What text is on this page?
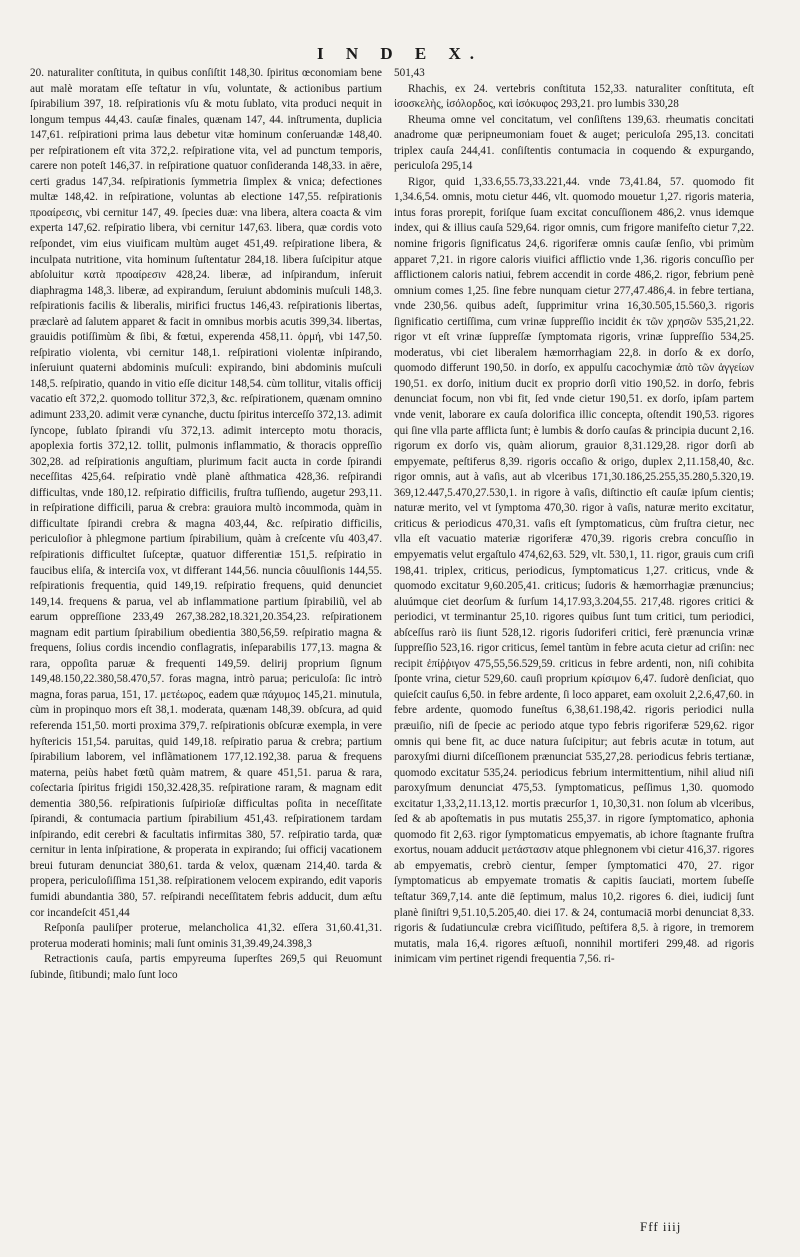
I N D E X.

20. naturaliter conſtituta, in quibus conſiſtit 148,30. ſpiritus œconomiam bene aut malè moratam eſſe teſtatur in vſu, voluntate, & actionibus partium ſpirabilium 397, 18. reſpirationis vſu & motu ſublato, vita produci nequit in longum tempus 44,43. cauſæ finales, quænam 147, 44. inſtrumenta, duplicia 147,61. reſpirationi prima laus debetur vitæ hominum conſeruandæ 148,40. per reſpirationem eſt vita 372,2. reſpiratione vita, vel ad punctum temporis, carere non poteſt 146,37. in reſpiratione quatuor conſideranda 148,33. in aëre, certi gradus 147,34. reſpirationis ſymmetria ſimplex & vnica; defectiones multæ 148,42. in reſpiratione, voluntas ab electione 147,55. reſpirationis προαίρεσις, vbi cernitur 147, 49. ſpecies duæ: vna libera, altera coacta & vim experta 147,62. reſpiratio libera, vbi cernitur 147,63. libera, quæ cordis voto reſpondet, vim eius viuificam multùm auget 451,49. reſpiratione libera, & inculpata nutritione, vita hominum ſuſtentatur 284,18. libera ſuſcipitur atque abſoluitur κατὰ προαίρεσιν 428,24. liberæ, ad inſpirandum, inſeruit diaphragma 148,3. liberæ, ad expirandum, ſeruiunt abdominis muſculi 148,3. reſpirationis facilis & liberalis, mirifici fructus 146,43. reſpirationis libertas, præclarè ad ſalutem apparet & facit in omnibus morbis acutis 399,34. libertas, grauidis potiſſimùm & ſibi, & fœtui, experenda 458,11. ὁρμή, vbi 147,50. reſpiratio violenta, vbi cernitur 148,1. reſpirationi violentæ inſpirando, inſeruiunt quaterni abdominis muſculi: expirando, bini abdominis muſculi 148,5. reſpiratio, quando in vitio eſſe dicitur 148,54. cùm tollitur, vitalis officij vacatio eſt 372,2. quomodo tollitur 372,3, &c. reſpirationem, quænam omnino adimunt 233,20. adimit veræ cynanche, ductu ſpiritus interceſſo 372,13. adimit ſyncope, ſublato ſpirandi vſu 372,13. adimit intercepto motu thoracis, apoplexia fortis 372,12. tollit, pulmonis inflammatio, & thoracis oppreſſio 302,28. ad reſpirationis anguſtiam, plurimum facit aucta in corde ſpirandi neceſſitas 425,64. reſpiratio vndè planè aſthmatica 428,36. reſpirandi difficultas, vnde 180,12. reſpiratio difficilis, fruſtra tuſſiendo, augetur 293,11. in reſpiratione difficili, parua & crebra: grauiora multò incommoda, quàm in difficultate ſpirandi crebra & magna 403,44, &c. reſpiratio difficilis, periculoſior à phlegmone partium ſpirabilium, quàm à creſcente vſu 403,47. reſpirationis difficultet ſuſceptæ, quatuor differentiæ 151,5. reſpiratio in faucibus eliſa, & interciſa vox, vt differant 144,56. nuncia côuulſionis 144,55. reſpirationis frequentia, quid 149,19. reſpiratio frequens, quid denunciet 149,14. frequens & parua, vel ab inflammatione partium ſpirabiliũ, vel ab earum oppreſſione 233,49 267,38.282,18.321,20.354,23. reſpirationem magnam edit partium ſpirabilium obedientia 380,56,59. reſpiratio magna & frequens, ſolius cordis incendio conflagratis, inſeparabilis 177,13. magna & rara, oppoſita paruæ & frequenti 149,59. delirij proprium ſignum 149,48.150,22.380,58.470,57. foras magna, intrò parua; periculoſa: ſic intrò magna, foras parua, 151, 17. μετέωρος, eadem quæ πάχυμος 145,21. minutula, cùm in propinquo mors eſt 38,1. moderata, quænam 148,39. obſcura, ad quid referenda 151,50. morti proxima 379,7. reſpirationis obſcuræ exempla, in vere hyſtericis 151,54. paruitas, quid 149,18. reſpiratio parua & crebra; partium ſpirabilium laborem, vel inflãmationem 177,12.192,38. parua & frequens materna, peiùs habet fœtũ quàm matrem, & quare 451,51. parua & rara, coſectaria ſpiritus frigidi 150,32.428,35. reſpiratione raram, & magnam edit dementia 380,56. reſpirationis ſuſpirioſæ difficultas poſita in neceſſitate ſpirandi, & contumacia partium ſpirabilium 451,43. reſpirationem tardam inſpirando, edit cerebri & facultatis infirmitas 380, 57. reſpiratio tarda, quæ cernitur in lenta inſpiratione, & properata in expirando; ſui officij vacationem breui futuram denunciat 380,61. tarda & velox, quænam 214,40. tarda & propera, periculoſiſſima 151,38. reſpirationem velocem expirando, edit vaporis fumidi abundantia 380, 57. reſpirandi neceſſitatem febris adducit, dum æſtu cor incandeſcit 451,44

Reſponſa pauliſper proterue, melancholica 41,32. eſſera 31,60.41,31. proterua moderati hominis; mali ſunt ominis 31,39.49,24.398,3

Retractionis cauſa, partis empyreuma ſuperſtes 269,5 qui Reuomunt ſubinde, ſitibundi; malo ſunt loco

501,43

Rhachis, ex 24. vertebris conſtituta 152,33. naturaliter conſtituta, eſt ἰσοσκελὴς, ἰσόλορδος, καὶ ἰσόκυφος 293,21. pro lumbis 330,28

Rheuma omne vel concitatum, vel conſiſtens 139,63. rheumatis concitati anadrome quæ peripneumoniam fouet & auget; periculoſa 295,13. concitati triplex cauſa 244,41. conſiſtentis contumacia in coquendo & expurgando, periculoſa 295,14

Rigor, quid 1,33.6,55.73,33.221,44. vnde 73,41.84, 57. quomodo fit 1,34.6,54. omnis, motu cietur 446, vlt. quomodo mouetur 1,27. rigoris materia, intus foras prorepit, foriſque ſuam excitat concuſſionem 486,2. vnus idemque index, qui & illius cauſa 529,64. rigor omnis, cum frigore manifeſto cietur 7,22. nomine frigoris ſignificatus 24,6. rigoriferæ omnis cauſæ ſenſio, vbi primùm apparet 7,21. in rigore caloris viuifici afflictio vnde 1,36. rigoris concuſſio per afflictionem caloris natiui, febrem accendit in corde 486,2. rigor, febrium penè omnium comes 1,25. ſine febre nunquam cietur 277,47.486,4. in febre tertiana, vnde 230,56. quibus adeſt, ſupprimitur vrina 16,30.505,15.560,3. rigoris ſignificatio certiſſima, cum vrinæ ſuppreſſio incidit ἐκ τῶν χρησῶν 535,21,22. rigor vt eſt vrinæ ſuppreſſæ ſymptomata rigoris, vrinæ ſuppreſſio 534,25. moderatus, vbi ciet liberalem hæmorrhagiam 22,8. in dorſo & ex dorſo, quomodo differunt 190,50. in dorſo, ex appulſu cacochymiæ ἀπὸ τῶν ἀγγείων 190,51. ex dorſo, initium ducit ex proprio dorſi vitio 190,52. in dorſo, febris denunciat focum, non vbi fit, ſed vnde cietur 190,51. ex dorſo, ipſam partem vnde venit, laborare ex cauſa dolorifica illic concepta, oſtendit 190,53. rigores qui ſine vlla parte afflicta ſunt; è lumbis & dorſo cauſas & principia ducunt 2,16. rigorum ex dorſo vis, quàm aliorum, grauior 8,31.129,28. rigor dorſi ab empyemate, peſtiferus 8,39. rigoris occaſio & origo, duplex 2,11.158,40, &c. rigor omnis, aut à vaſis, aut ab vlceribus 171,30.186,25.255,35.280,5.320,19. 369,12.447,5.470,27.530,1. in rigore à vaſis, diſtinctio eſt cauſæ ipſum cientis; naturæ merito, vel vt ſymptoma 470,30. rigor à vaſis, naturæ merito excitatur, criticus & periodicus 470,31. vaſis eſt ſymptomaticus, cùm fruſtra cietur, nec vlla eſt vacuatio materiæ rigoriferæ 470,39. rigoris crebra concuſſio in empyematis velut ergaſtulo 474,62,63. 529, vlt. 530,1, 11. rigor, grauis cum criſi 198,41. triplex, criticus, periodicus, ſymptomaticus 1,27. criticus, vnde & quomodo excitatur 9,60.205,41. criticus; ſudoris & hæmorrhagiæ prænuncius; aluúmque ciet deorſum & ſurſum 14,17.93,3.204,55. 217,48. rigores critici & periodici, vt terminantur 25,10. rigores quibus ſunt tum critici, tum periodici, abſceſſus rarò iis ſiunt 528,12. rigoris ſudoriferi critici, ferè prænuncia vrinæ ſuppreſſio 523,16. rigor criticus, ſemel tantùm in febre acuta cietur ad criſin: nec recipit ἐπίῤῥιγον 475,55,56.529,59. criticus in febre ardenti, non, niſi cohibita ſponte vrina, cietur 529,60. cauſi proprium κρίσιμον 6,47. ſudorè denſiciat, quo quieſcit cauſus 6,50. in febre ardente, ſi loco apparet, eam oxoluit 2,2.6,47,60. in febre ardente, quomodo funeſtus 6,38,61.198,42. rigoris periodici nulla præuiſio, niſi de ſpecie ac periodo atque typo febris rigoriferæ 529,62. rigor omnis qui bene fit, ac duce natura ſuſcipitur; aut febris acutæ in totum, aut paroxyſmi diurni diſceſſionem prænunciat 535,27,28. periodicus febris tertianæ, quomodo excitatur 535,24. periodicus febrium intermittentium, nihil aliud niſi paroxyſmum denunciat 475,53. ſymptomaticus, peſſimus 1,30. quomodo excitatur 1,33,2,11.13,12. mortis præcurſor 1, 10,30,31. non ſolum ab vlceribus, ſed & ab apoſtematis in pus mutatis 255,37. in rigore ſymptomatico, aphonia quomodo fit 2,63. rigor ſymptomaticus empyematis, ab ichore ſtagnante fruſtra exortus, nouam adducit μετάστασιν atque phlegnonem vbi cietur 416,37. rigores ab empyematis, crebrò cientur, ſemper ſymptomatici 470, 27. rigor ſymptomaticus ab empyemate tromatis & capitis ſauciati, mortem ſubeſſe teſtatur 369,7,14. ante diē ſeptimum, malus 10,2. rigores 6. diei, iudicij ſunt planè ſiniſtri 9,51.10,5.205,40. diei 17. & 24, contumaciā morbi denunciat 8,33. rigoris & ſudatiunculæ crebra viciſſitudo, peſtifera 8,5. à rigore, in tremorem mutatis, mala 16,4. rigores æſtuoſi, nonnihil mortiferi 299,48. ad rigoris inimicam vim pertinet rigendi frequentia 7,56. ri-

Fff iiij
